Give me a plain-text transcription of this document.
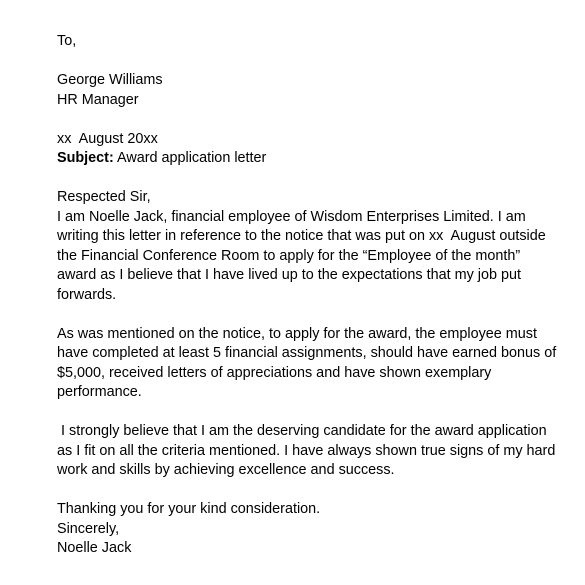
To,
George Williams
HR Manager
xx  August 20xx
Subject: Award application letter
Respected Sir,
I am Noelle Jack, financial employee of Wisdom Enterprises Limited. I am
writing this letter in reference to the notice that was put on xx  August outside
the Financial Conference Room to apply for the “Employee of the month”
award as I believe that I have lived up to the expectations that my job put
forwards.
As was mentioned on the notice, to apply for the award, the employee must
have completed at least 5 financial assignments, should have earned bonus of
$5,000, received letters of appreciations and have shown exemplary
performance.
I strongly believe that I am the deserving candidate for the award application
as I fit on all the criteria mentioned. I have always shown true signs of my hard
work and skills by achieving excellence and success.
Thanking you for your kind consideration.
Sincerely,
Noelle Jack
